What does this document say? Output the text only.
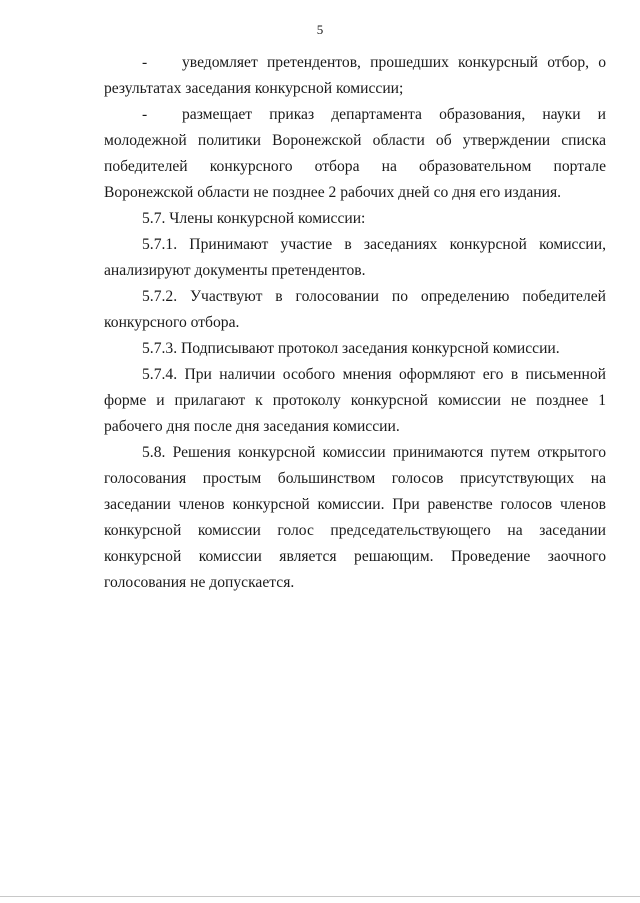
5

- уведомляет претендентов, прошедших конкурсный отбор, о результатах заседания конкурсной комиссии;

- размещает приказ департамента образования, науки и молодежной политики Воронежской области об утверждении списка победителей конкурсного отбора на образовательном портале Воронежской области не позднее 2 рабочих дней со дня его издания.

5.7. Члены конкурсной комиссии:

5.7.1. Принимают участие в заседаниях конкурсной комиссии, анализируют документы претендентов.

5.7.2. Участвуют в голосовании по определению победителей конкурсного отбора.

5.7.3. Подписывают протокол заседания конкурсной комиссии.

5.7.4. При наличии особого мнения оформляют его в письменной форме и прилагают к протоколу конкурсной комиссии не позднее 1 рабочего дня после дня заседания комиссии.

5.8. Решения конкурсной комиссии принимаются путем открытого голосования простым большинством голосов присутствующих на заседании членов конкурсной комиссии. При равенстве голосов членов конкурсной комиссии голос председательствующего на заседании конкурсной комиссии является решающим. Проведение заочного голосования не допускается.
